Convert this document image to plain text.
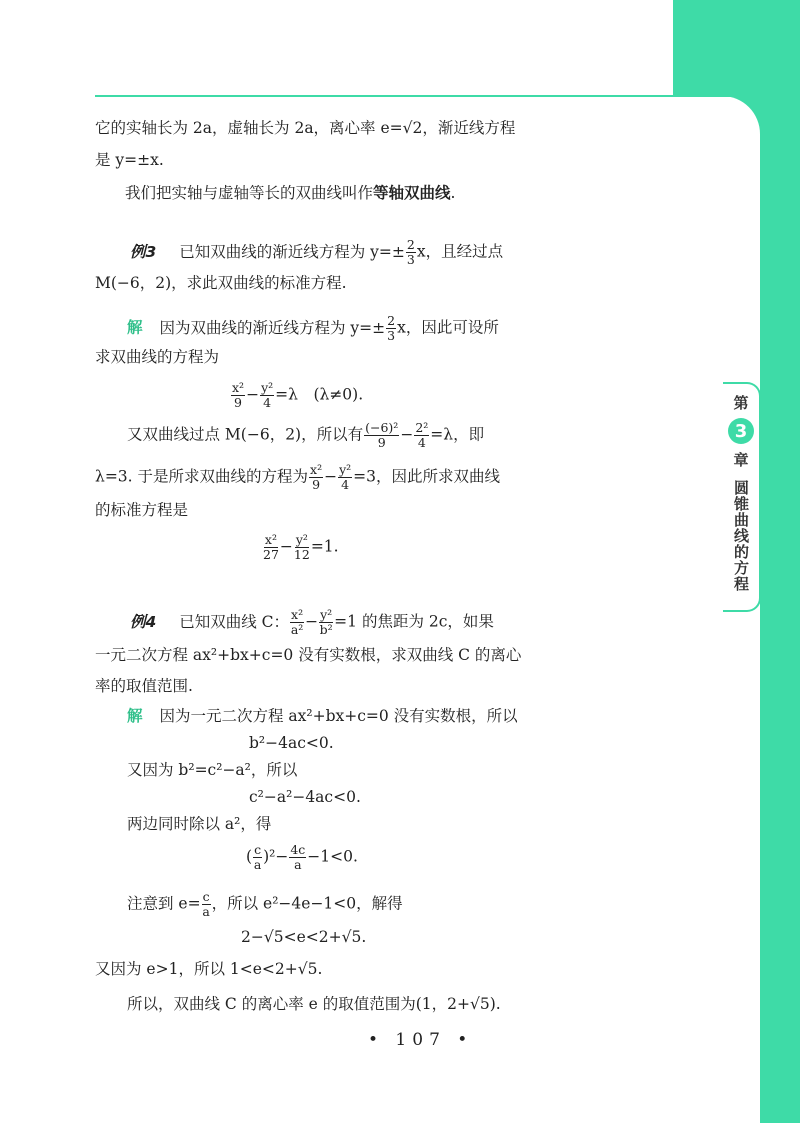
第
3
章
圆锥曲线的方程
它的实轴长为 2a，虚轴长为 2a，离心率 e=√2，渐近线方程
是 y=±x.
我们把实轴与虚轴等长的双曲线叫作等轴双曲线.
例3 已知双曲线的渐近线方程为 $y=\pm \frac{2}{3}$ x，且经过点
M(−6，2)，求此双曲线的标准方程.
解 因为双曲线的渐近线方程为 $y=\pm \frac{2}{3}$ x，因此可设所
求双曲线的方程为
$\frac{\text{x²}}{9} - \frac{\text{y²}}{4} =\lambda$　(λ≠0).
又双曲线过点 M(−6，2)，所以有 $\frac{\text{(−6)²}}{9} - \frac{\text{2²}}{4} =\lambda$，即
λ=3. 于是所求双曲线的方程为 $\frac{\text{x²}}{9} - \frac{\text{y²}}{4} =3$，因此所求双曲线
的标准方程是
$\frac{\text{x²}}{27} - \frac{\text{y²}}{12} =1$.
例4 已知双曲线 C： $\frac{\text{x²}}{\text{a²}} - \frac{\text{y²}}{\text{b²}} =1$ 的焦距为 2c，如果
一元二次方程 ax²+bx+c=0 没有实数根，求双曲线 C 的离心
率的取值范围.
解 因为一元二次方程 ax²+bx+c=0 没有实数根，所以
b²−4ac<0.
又因为 b²=c²−a²，所以
c²−a²−4ac<0.
两边同时除以 a²，得
( $\frac{c}{a} )^2- \frac{4c}{a} -1<0$.
注意到 $e= \frac{c}{a}$ ，所以 e²−4e−1<0，解得
2−√5<e<2+√5.
又因为 e>1，所以 1<e<2+√5.
所以，双曲线 C 的离心率 e 的取值范围为(1，2+√5).
• 107 •
